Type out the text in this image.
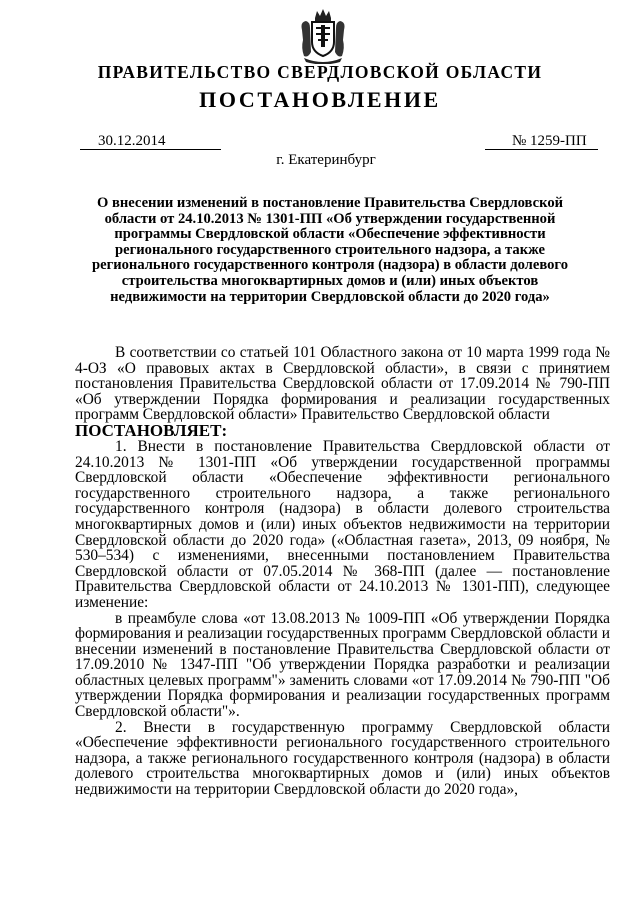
ПРАВИТЕЛЬСТВО СВЕРДЛОВСКОЙ ОБЛАСТИ
ПОСТАНОВЛЕНИЕ
30.12.2014	№ 1259-ПП
г. Екатеринбург
О внесении изменений в постановление Правительства Свердловской области от 24.10.2013 № 1301-ПП «Об утверждении государственной программы Свердловской области «Обеспечение эффективности регионального государственного строительного надзора, а также регионального государственного контроля (надзора) в области долевого строительства многоквартирных домов и (или) иных объектов недвижимости на территории Свердловской области до 2020 года»

В соответствии со статьей 101 Областного закона от 10 марта 1999 года № 4-ОЗ «О правовых актах в Свердловской области», в связи с принятием постановления Правительства Свердловской области от 17.09.2014 № 790-ПП «Об утверждении Порядка формирования и реализации государственных программ Свердловской области» Правительство Свердловской области

ПОСТАНОВЛЯЕТ:

1. Внести в постановление Правительства Свердловской области от 24.10.2013 № 1301-ПП «Об утверждении государственной программы Свердловской области «Обеспечение эффективности регионального государственного строительного надзора, а также регионального государственного контроля (надзора) в области долевого строительства многоквартирных домов и (или) иных объектов недвижимости на территории Свердловской области до 2020 года» («Областная газета», 2013, 09 ноября, № 530–534) с изменениями, внесенными постановлением Правительства Свердловской области от 07.05.2014 № 368-ПП (далее — постановление Правительства Свердловской области от 24.10.2013 № 1301-ПП), следующее изменение:

в преамбуле слова «от 13.08.2013 № 1009-ПП «Об утверждении Порядка формирования и реализации государственных программ Свердловской области и внесении изменений в постановление Правительства Свердловской области от 17.09.2010 № 1347-ПП "Об утверждении Порядка разработки и реализации областных целевых программ"» заменить словами «от 17.09.2014 № 790-ПП "Об утверждении Порядка формирования и реализации государственных программ Свердловской области"».

2. Внести в государственную программу Свердловской области «Обеспечение эффективности регионального государственного строительного надзора, а также регионального государственного контроля (надзора) в области долевого строительства многоквартирных домов и (или) иных объектов недвижимости на территории Свердловской области до 2020 года»,
